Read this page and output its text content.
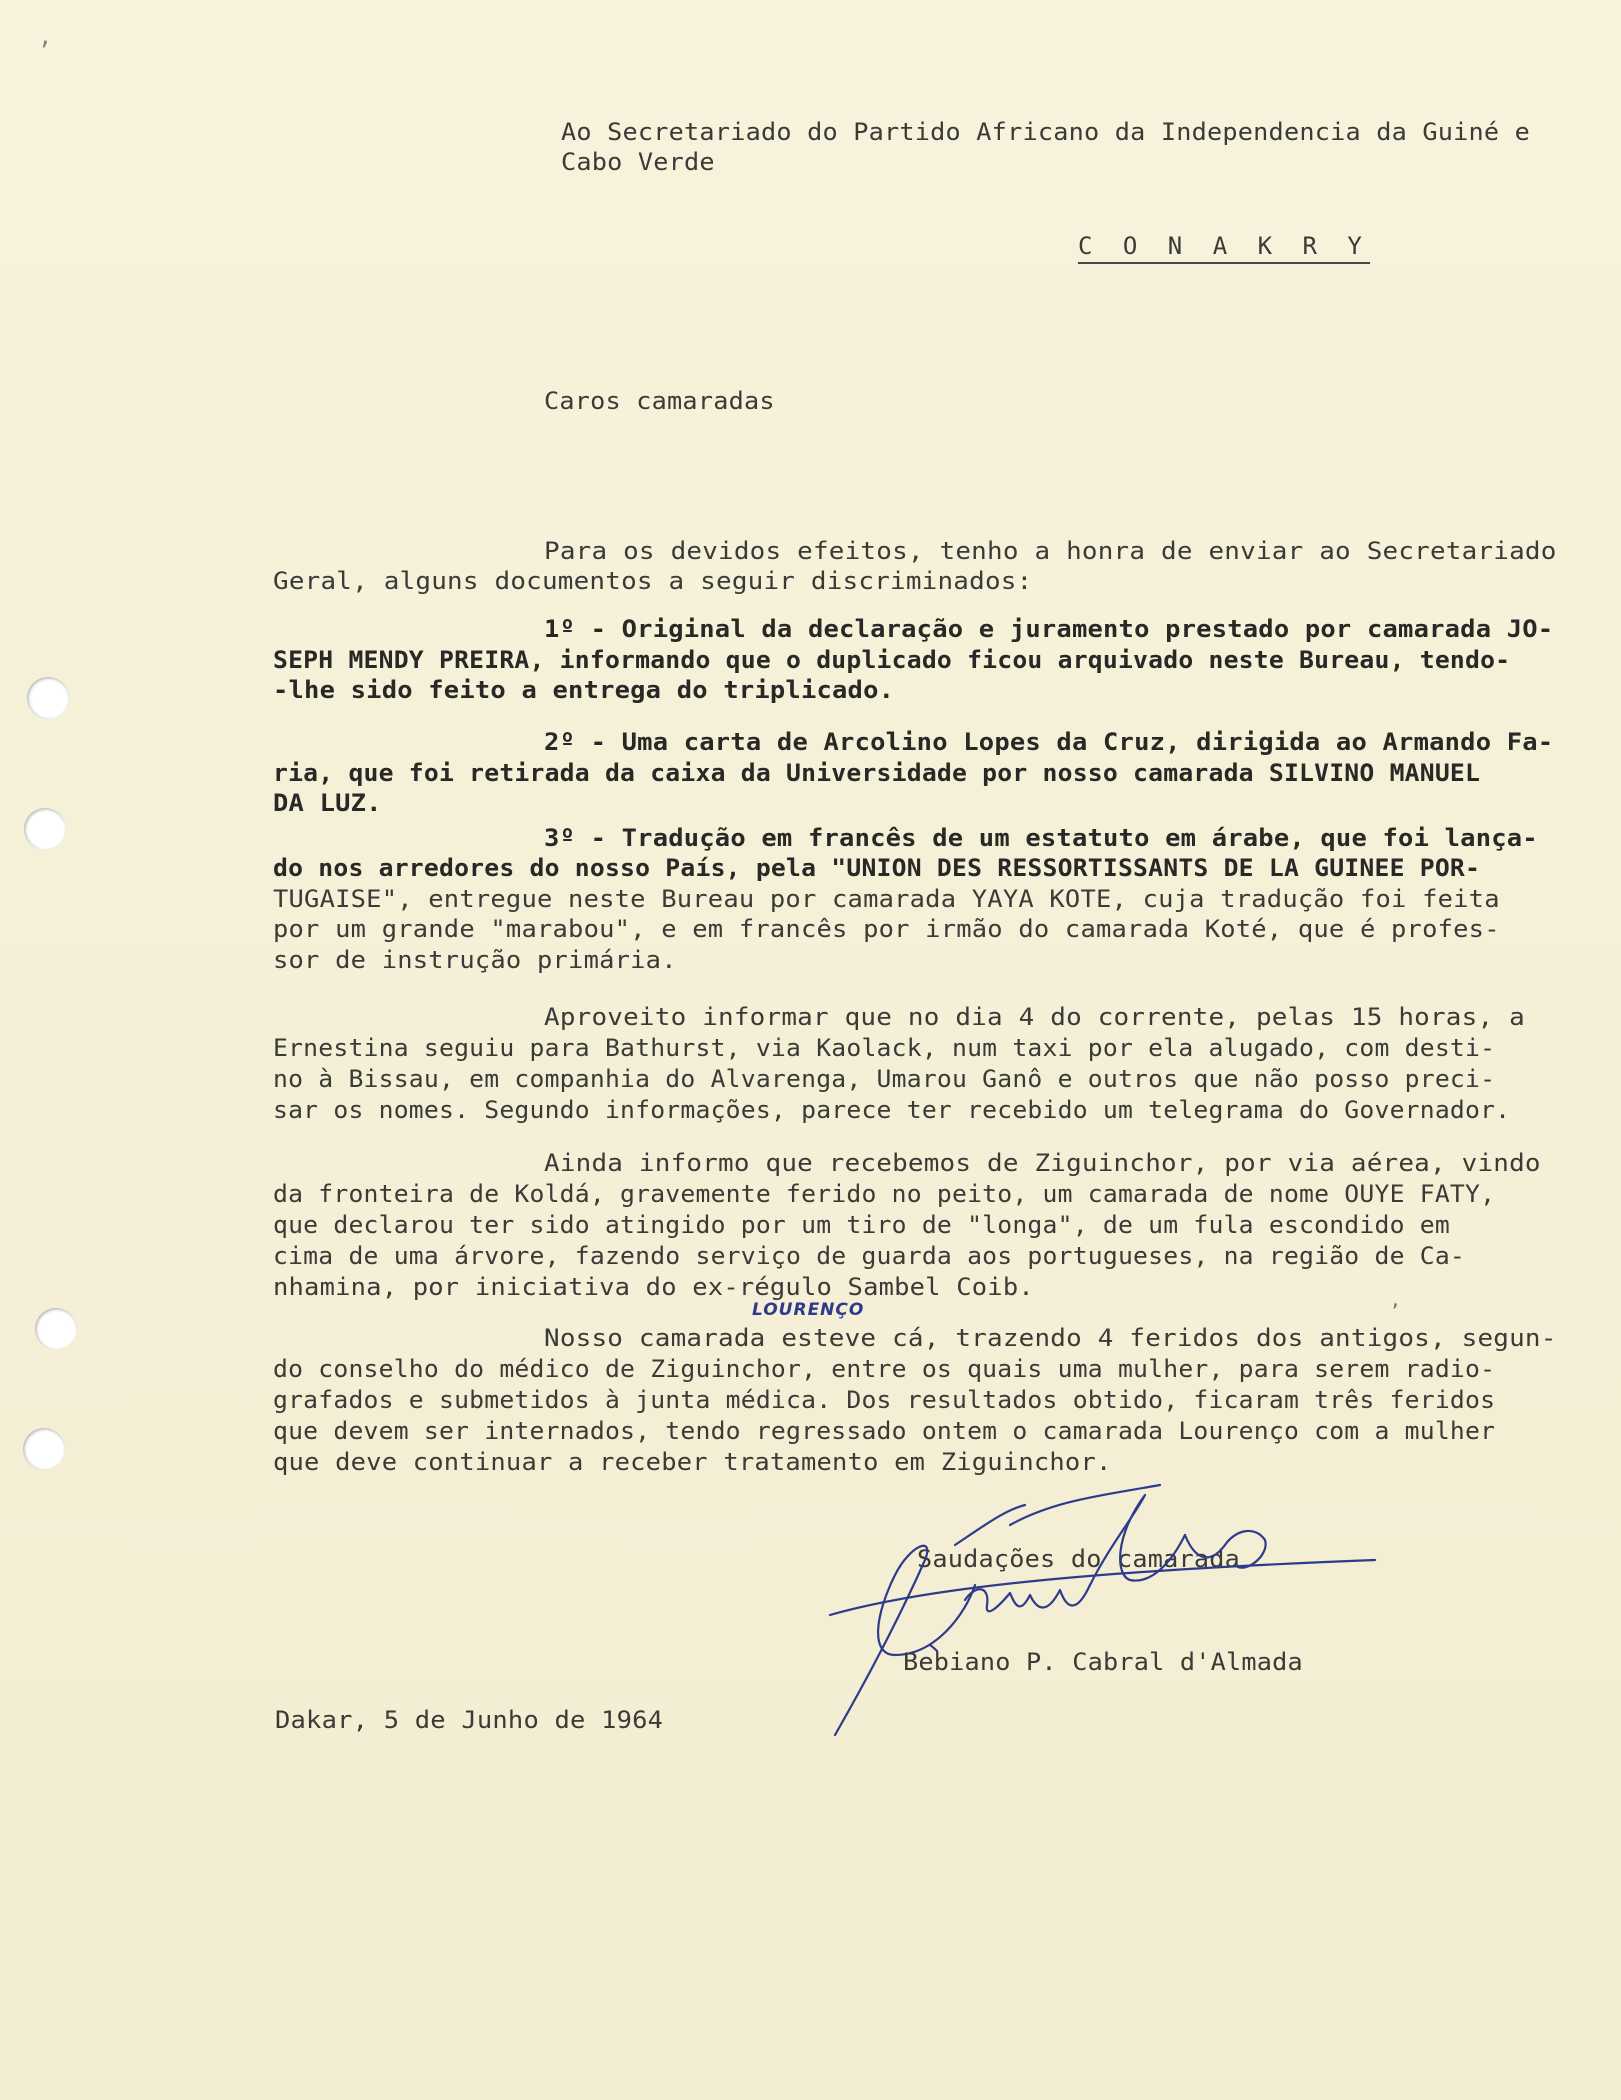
Ao Secretariado do Partido Africano da Independencia da Guiné e
Cabo Verde
C O N A K R Y
Caros camaradas
Para os devidos efeitos, tenho a honra de enviar ao Secretariado
Geral, alguns documentos a seguir discriminados:
1º - Original da declaração e juramento prestado por camarada JO-
SEPH MENDY PREIRA, informando que o duplicado ficou arquivado neste Bureau, tendo-
-lhe sido feito a entrega do triplicado.
2º - Uma carta de Arcolino Lopes da Cruz, dirigida ao Armando Fa-
ria, que foi retirada da caixa da Universidade por nosso camarada SILVINO MANUEL
DA LUZ.
3º - Tradução em francês de um estatuto em árabe, que foi lança-
do nos arredores do nosso País, pela "UNION DES RESSORTISSANTS DE LA GUINEE POR-
TUGAISE", entregue neste Bureau por camarada YAYA KOTE, cuja tradução foi feita
por um grande "marabou", e em francês por irmão do camarada Koté, que é profes-
sor de instrução primária.
Aproveito informar que no dia 4 do corrente, pelas 15 horas, a
Ernestina seguiu para Bathurst, via Kaolack, num taxi por ela alugado, com desti-
no à Bissau, em companhia do Alvarenga, Umarou Ganô e outros que não posso preci-
sar os nomes. Segundo informações, parece ter recebido um telegrama do Governador.
Ainda informo que recebemos de Ziguinchor, por via aérea, vindo
da fronteira de Koldá, gravemente ferido no peito, um camarada de nome OUYE FATY,
que declarou ter sido atingido por um tiro de "longa", de um fula escondido em
cima de uma árvore, fazendo serviço de guarda aos portugueses, na região de Ca-
nhamina, por iniciativa do ex-régulo Sambel Coib.
LOURENÇO
Nosso camarada esteve cá, trazendo 4 feridos dos antigos, segun-
do conselho do médico de Ziguinchor, entre os quais uma mulher, para serem radio-
grafados e submetidos à junta médica. Dos resultados obtido, ficaram três feridos
que devem ser internados, tendo regressado ontem o camarada Lourenço com a mulher
que deve continuar a receber tratamento em Ziguinchor.
Saudações do camarada
Bebiano P. Cabral d'Almada
Dakar, 5 de Junho de 1964
,
,
